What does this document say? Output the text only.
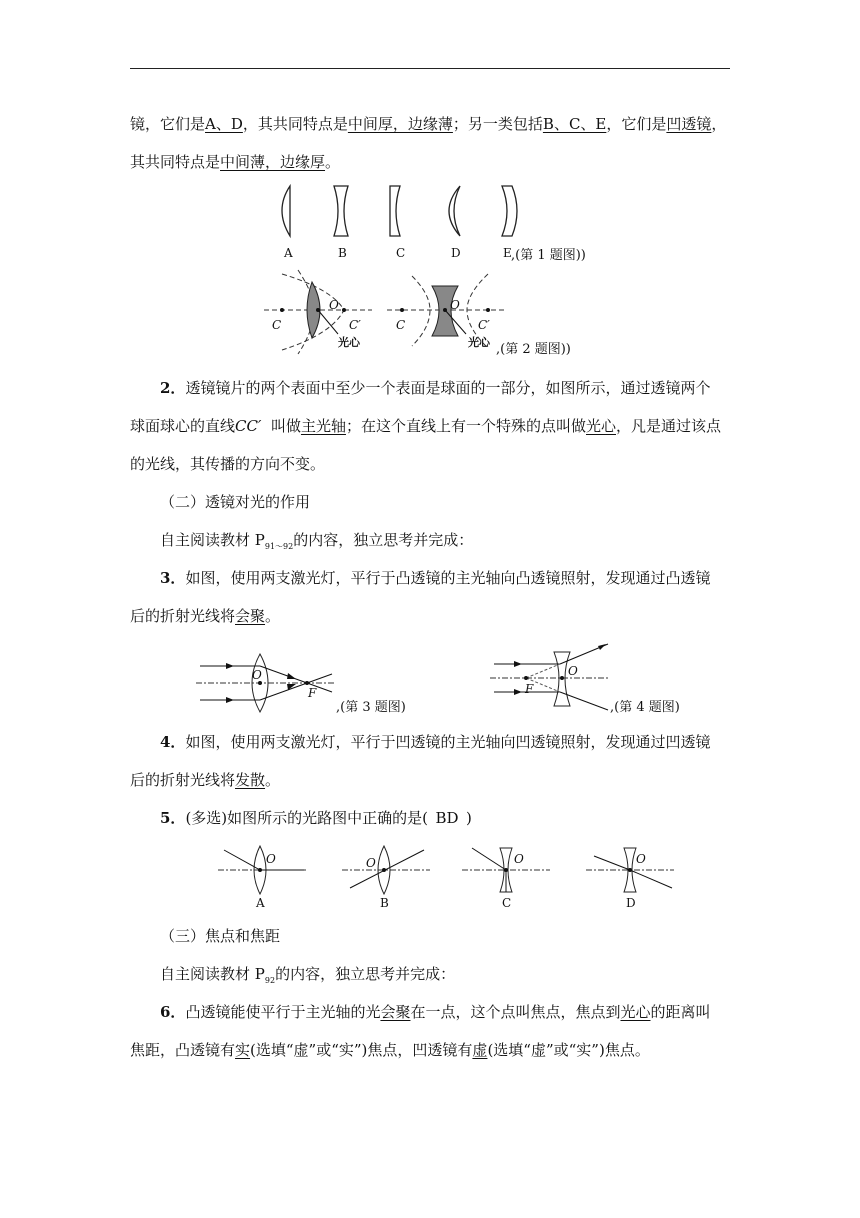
镜，它们是A、D，其共同特点是中间厚，边缘薄；另一类包括B、C、E，它们是凹透镜，
其共同特点是中间薄，边缘厚。
A	B	C	D	E ,(第 1 题图))
C	C′
O
光心
C	C′
O
光心 ,(第 2 题图))
2．透镜镜片的两个表面中至少一个表面是球面的一部分，如图所示，通过透镜两个
球面球心的直线CC′ 叫做主光轴；在这个直线上有一个特殊的点叫做光心，凡是通过该点
的光线，其传播的方向不变。
（二）透镜对光的作用
自主阅读教材 $P_{91\sim 92}$的内容，独立思考并完成：
3．如图，使用两支激光灯，平行于凸透镜的主光轴向凸透镜照射，发现通过凸透镜
后的折射光线将会聚。
O
F
,(第 3 题图)
O
F
,(第 4 题图)
4．如图，使用两支激光灯，平行于凹透镜的主光轴向凹透镜照射，发现通过凹透镜
后的折射光线将发散。
5．(多选)如图所示的光路图中正确的是( BD )
O	O	O	O
A	B	C	D
（三）焦点和焦距
自主阅读教材 $P_{92}$的内容，独立思考并完成：
6．凸透镜能使平行于主光轴的光会聚在一点，这个点叫焦点，焦点到光心的距离叫
焦距，凸透镜有实(选填“虚”或“实”)焦点，凹透镜有虚(选填“虚”或“实”)焦点。
